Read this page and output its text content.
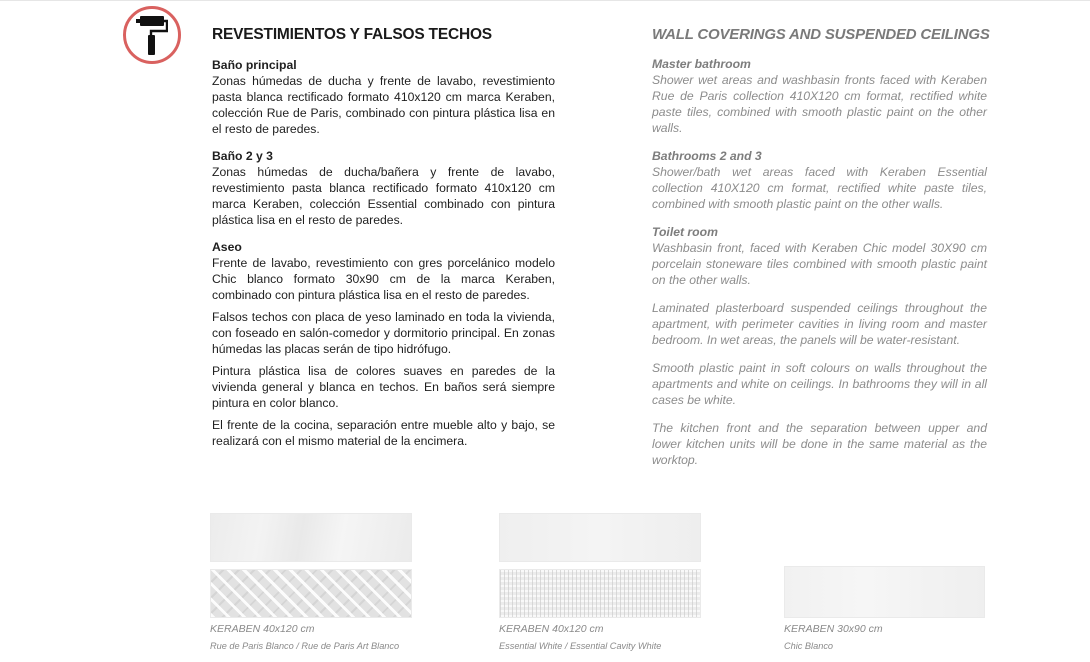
REVESTIMIENTOS Y FALSOS TECHOS
Baño principal

Zonas húmedas de ducha y frente de lavabo, revestimiento pasta blanca rectificado formato 410x120 cm marca Keraben, colección Rue de Paris, combinado con pintura plástica lisa en el resto de paredes.

Baño 2 y 3

Zonas húmedas de ducha/bañera y frente de lavabo, revestimiento pasta blanca rectificado formato 410x120 cm marca Keraben, colección Essential combinado con pintura plástica lisa en el resto de paredes.

Aseo

Frente de lavabo, revestimiento con gres porcelánico modelo Chic blanco formato 30x90 cm de la marca Keraben, combinado con pintura plástica lisa en el resto de paredes.

Falsos techos con placa de yeso laminado en toda la vivienda, con foseado en salón-comedor y dormitorio principal. En zonas húmedas las placas serán de tipo hidrófugo.

Pintura plástica lisa de colores suaves en paredes de la vivienda general y blanca en techos. En baños será siempre pintura en color blanco.

El frente de la cocina, separación entre mueble alto y bajo, se realizará con el mismo material de la encimera.

WALL COVERINGS AND SUSPENDED CEILINGS
Master bathroom

Shower wet areas and washbasin fronts faced with Keraben Rue de Paris collection 410X120 cm format, rectified white paste tiles, combined with smooth plastic paint on the other walls.

Bathrooms 2 and 3

Shower/bath wet areas faced with Keraben Essential collection 410X120 cm format, rectified white paste tiles, combined with smooth plastic paint on the other walls.

Toilet room

Washbasin front, faced with Keraben Chic model 30X90 cm porcelain stoneware tiles combined with smooth plastic paint on the other walls.

Laminated plasterboard suspended ceilings throughout the apartment, with perimeter cavities in living room and master bedroom. In wet areas, the panels will be water-resistant.

Smooth plastic paint in soft colours on walls throughout the apartments and white on ceilings. In bathrooms they will in all cases be white.

The kitchen front and the separation between upper and lower kitchen units will be done in the same material as the worktop.

KERABEN 40x120 cm
Rue de Paris Blanco / Rue de Paris Art Blanco
KERABEN 40x120 cm
Essential White / Essential Cavity White
KERABEN 30x90 cm
Chic Blanco
